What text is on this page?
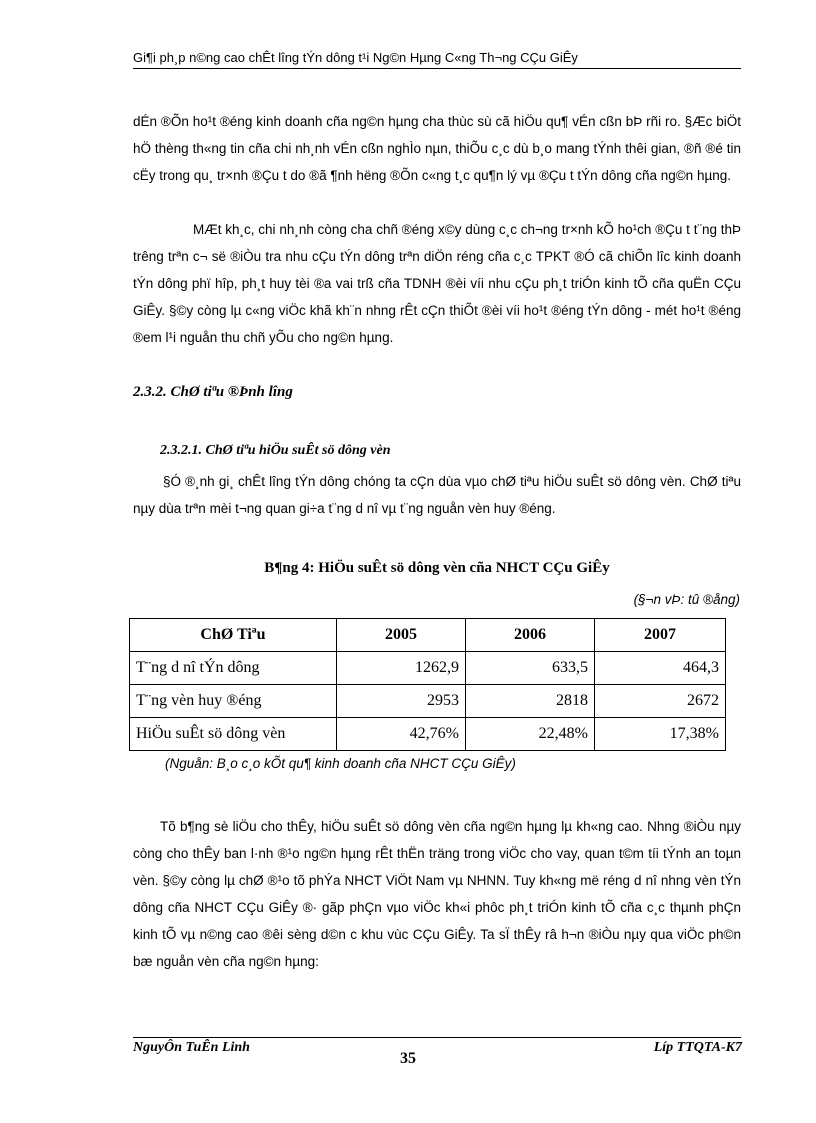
Gi¶i ph¸p n©ng cao chÊt lîng tÝn dông t¹i Ng©n Hµng C«ng Th¬ng CÇu GiÊy
dÉn ®Õn ho¹t ®éng kinh doanh cña ng©n hµng cha thùc sù cã hiÖu qu¶ vÉn cßn bÞ rñi ro. §Æc biÖt hÖ thèng th«ng tin cña chi nh¸nh vÉn cßn nghÌo nµn, thiÕu c¸c dù b¸o mang tÝnh thêi gian, ®ñ ®é tin cËy trong qu¸ tr×nh ®Çu t do ®ã ¶nh hëng ®Õn c«ng t¸c qu¶n lý vµ ®Çu t tÝn dông cña ng©n hµng.
MÆt kh¸c, chi nh¸nh còng cha chñ ®éng x©y dùng c¸c ch¬ng tr×nh kÕ ho¹ch ®Çu t t¨ng thÞ trêng trªn c¬ së ®iÒu tra nhu cÇu tÝn dông trªn diÖn réng cña c¸c TPKT ®Ó cã chiÕn lîc kinh doanh tÝn dông phï hîp, ph¸t huy tèi ®a vai trß cña TDNH ®èi víi nhu cÇu ph¸t triÓn kinh tÕ cña quËn CÇu GiÊy. §©y còng lµ c«ng viÖc khã kh¨n nhng rÊt cÇn thiÕt ®èi víi ho¹t ®éng tÝn dông - mét ho¹t ®éng ®em l¹i nguån thu chñ yÕu cho ng©n hµng.
2.3.2. ChØ tiªu ®Þnh lîng
2.3.2.1. ChØ tiªu hiÖu suÊt sö dông vèn
§Ó ®¸nh gi¸ chÊt lîng tÝn dông chóng ta cÇn dùa vµo chØ tiªu hiÖu suÊt sö dông vèn. ChØ tiªu nµy dùa trªn mèi t¬ng quan gi÷a t¨ng d nî vµ t¨ng nguån vèn huy ®éng.
B¶ng 4: HiÖu suÊt sö dông vèn cña NHCT CÇu GiÊy
(§¬n vÞ: tû ®ång)
ChØ Tiªu	2005	2006	2007
T¨ng d nî tÝn dông	1262,9	633,5	464,3
T¨ng vèn huy ®éng	2953	2818	2672
HiÖu suÊt sö dông vèn	42,76%	22,48%	17,38%
(Nguån: B¸o c¸o kÕt qu¶ kinh doanh cña NHCT CÇu GiÊy)
Tõ b¶ng sè liÖu cho thÊy, hiÖu suÊt sö dông vèn cña ng©n hµng lµ kh«ng cao. Nhng ®iÒu nµy còng cho thÊy ban l·nh ®¹o ng©n hµng rÊt thËn träng trong viÖc cho vay, quan t©m tíi tÝnh an toµn vèn. §©y còng lµ chØ ®¹o tõ phÝa NHCT ViÖt Nam vµ NHNN. Tuy kh«ng më réng d nî nhng vèn tÝn dông cña NHCT CÇu GiÊy ®· gãp phÇn vµo viÖc kh«i phôc ph¸t triÓn kinh tÕ cña c¸c thµnh phÇn kinh tÕ vµ n©ng cao ®êi sèng d©n c khu vùc CÇu GiÊy. Ta sÏ thÊy râ h¬n ®iÒu nµy qua viÖc ph©n bæ nguån vèn cña ng©n hµng:
NguyÔn TuÊn Linh
35
Líp TTQTA-K7
